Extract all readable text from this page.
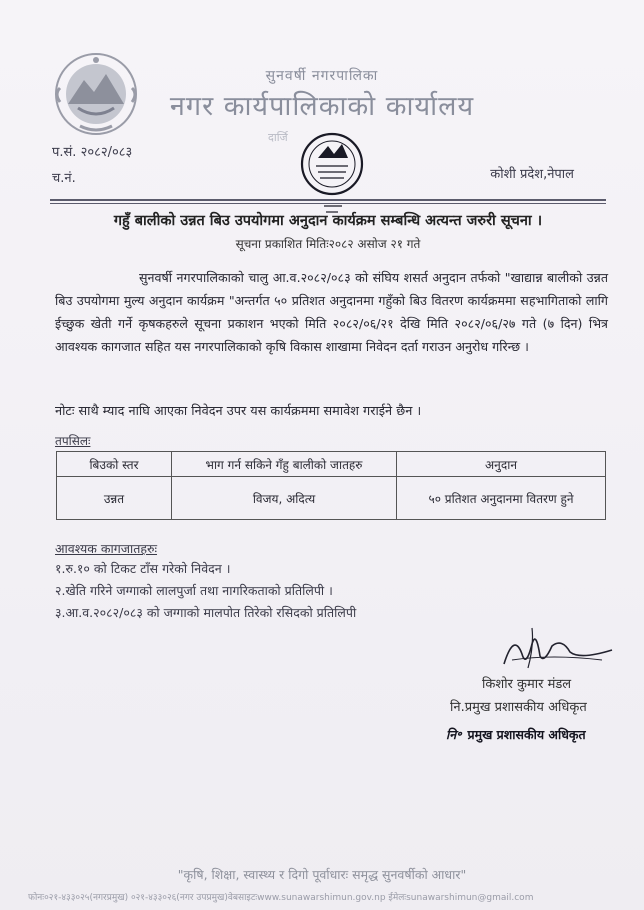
सुनवर्षी नगरपालिका
नगर कार्यपालिकाको कार्यालय
दार्जि
प.सं. २०८२/०८३
च.नं.	कोशी प्रदेश,नेपाल
गहुँ बालीको उन्नत बिउ उपयोगमा अनुदान कार्यक्रम सम्बन्धि अत्यन्त जरुरी सूचना ।
सूचना प्रकाशित मितिः२०८२ असोज २१ गते
सुनवर्षी नगरपालिकाको चालु आ.व.२०८२/०८३ को संघिय शसर्त अनुदान तर्फको "खाद्यान्न बालीको उन्नत बिउ उपयोगमा मुल्य अनुदान कार्यक्रम "अन्तर्गत ५० प्रतिशत अनुदानमा गहुँको बिउ वितरण कार्यक्रममा सहभागिताको लागि ईच्छुक खेती गर्ने कृषकहरुले सूचना प्रकाशन भएको मिति २०८२/०६/२१ देखि मिति २०८२/०६/२७ गते (७ दिन) भित्र आवश्यक कागजात सहित यस नगरपालिकाको कृषि विकास शाखामा निवेदन दर्ता गराउन अनुरोध गरिन्छ ।
नोटः साथै म्याद नाघि आएका निवेदन उपर यस कार्यक्रममा समावेश गराईने छैन ।
तपसिलः
बिउको स्तर	भाग गर्न सकिने गँहु बालीको जातहरु	अनुदान
उन्नत	विजय, अदित्य	५० प्रतिशत अनुदानमा वितरण हुने
आवश्यक कागजातहरुः
१.रु.१० को टिकट टाँस गरेको निवेदन ।
२.खेति गरिने जग्गाको लालपुर्जा तथा नागरिकताको प्रतिलिपी ।
३.आ.व.२०८२/०८३ को जग्गाको मालपोत तिरेको रसिदको प्रतिलिपी
किशोर कुमार मंडल
नि.प्रमुख प्रशासकीय अधिकृत
नि॰ प्रमुख प्रशासकीय अधिकृत
"कृषि, शिक्षा, स्वास्थ्य र दिगो पूर्वाधारः समृद्ध सुनवर्षीको आधार"
फोनः०२१-४३३०२५(नगरप्रमुख) ०२१-४३३०२६(नगर उपप्रमुख)वेबसाइटःwww.sunawarshimun.gov.np ईमेलःsunawarshimun@gmail.com
